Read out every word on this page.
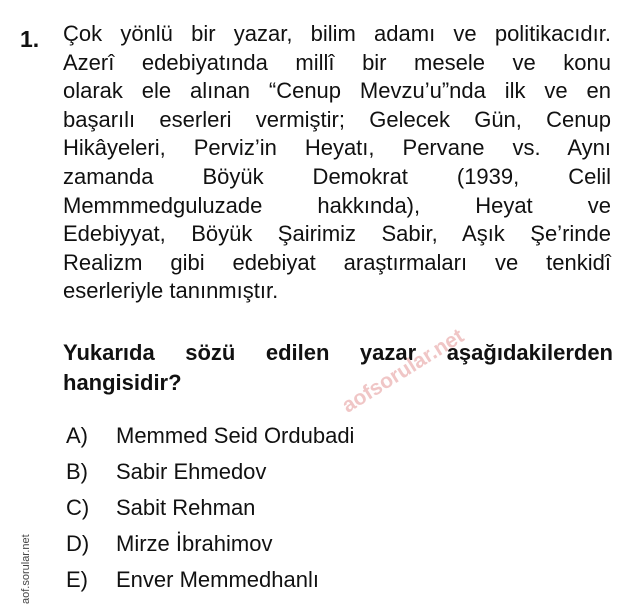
1. Çok yönlü bir yazar, bilim adamı ve politikacıdır.
Azerî edebiyatında millî bir mesele ve konu
olarak ele alınan “Cenup Mevzu’u”nda ilk ve en
başarılı eserleri vermiştir; Gelecek Gün, Cenup
Hikâyeleri, Perviz’in Heyatı, Pervane vs. Aynı
zamanda Böyük Demokrat (1939, Celil
Memmmedguluzade hakkında), Heyat ve
Edebiyyat, Böyük Şairimiz Sabir, Aşık Şe’rinde
Realizm gibi edebiyat araştırmaları ve tenkidî
eserleriyle tanınmıştır.
Yukarıda sözü edilen yazar aşağıdakilerden
hangisidir?
A)	Memmed Seid Ordubadi
B)	Sabir Ehmedov
C)	Sabit Rehman
D)	Mirze İbrahimov
E)	Enver Memmedhanlı
aofsorular.net
aof.sorular.net
